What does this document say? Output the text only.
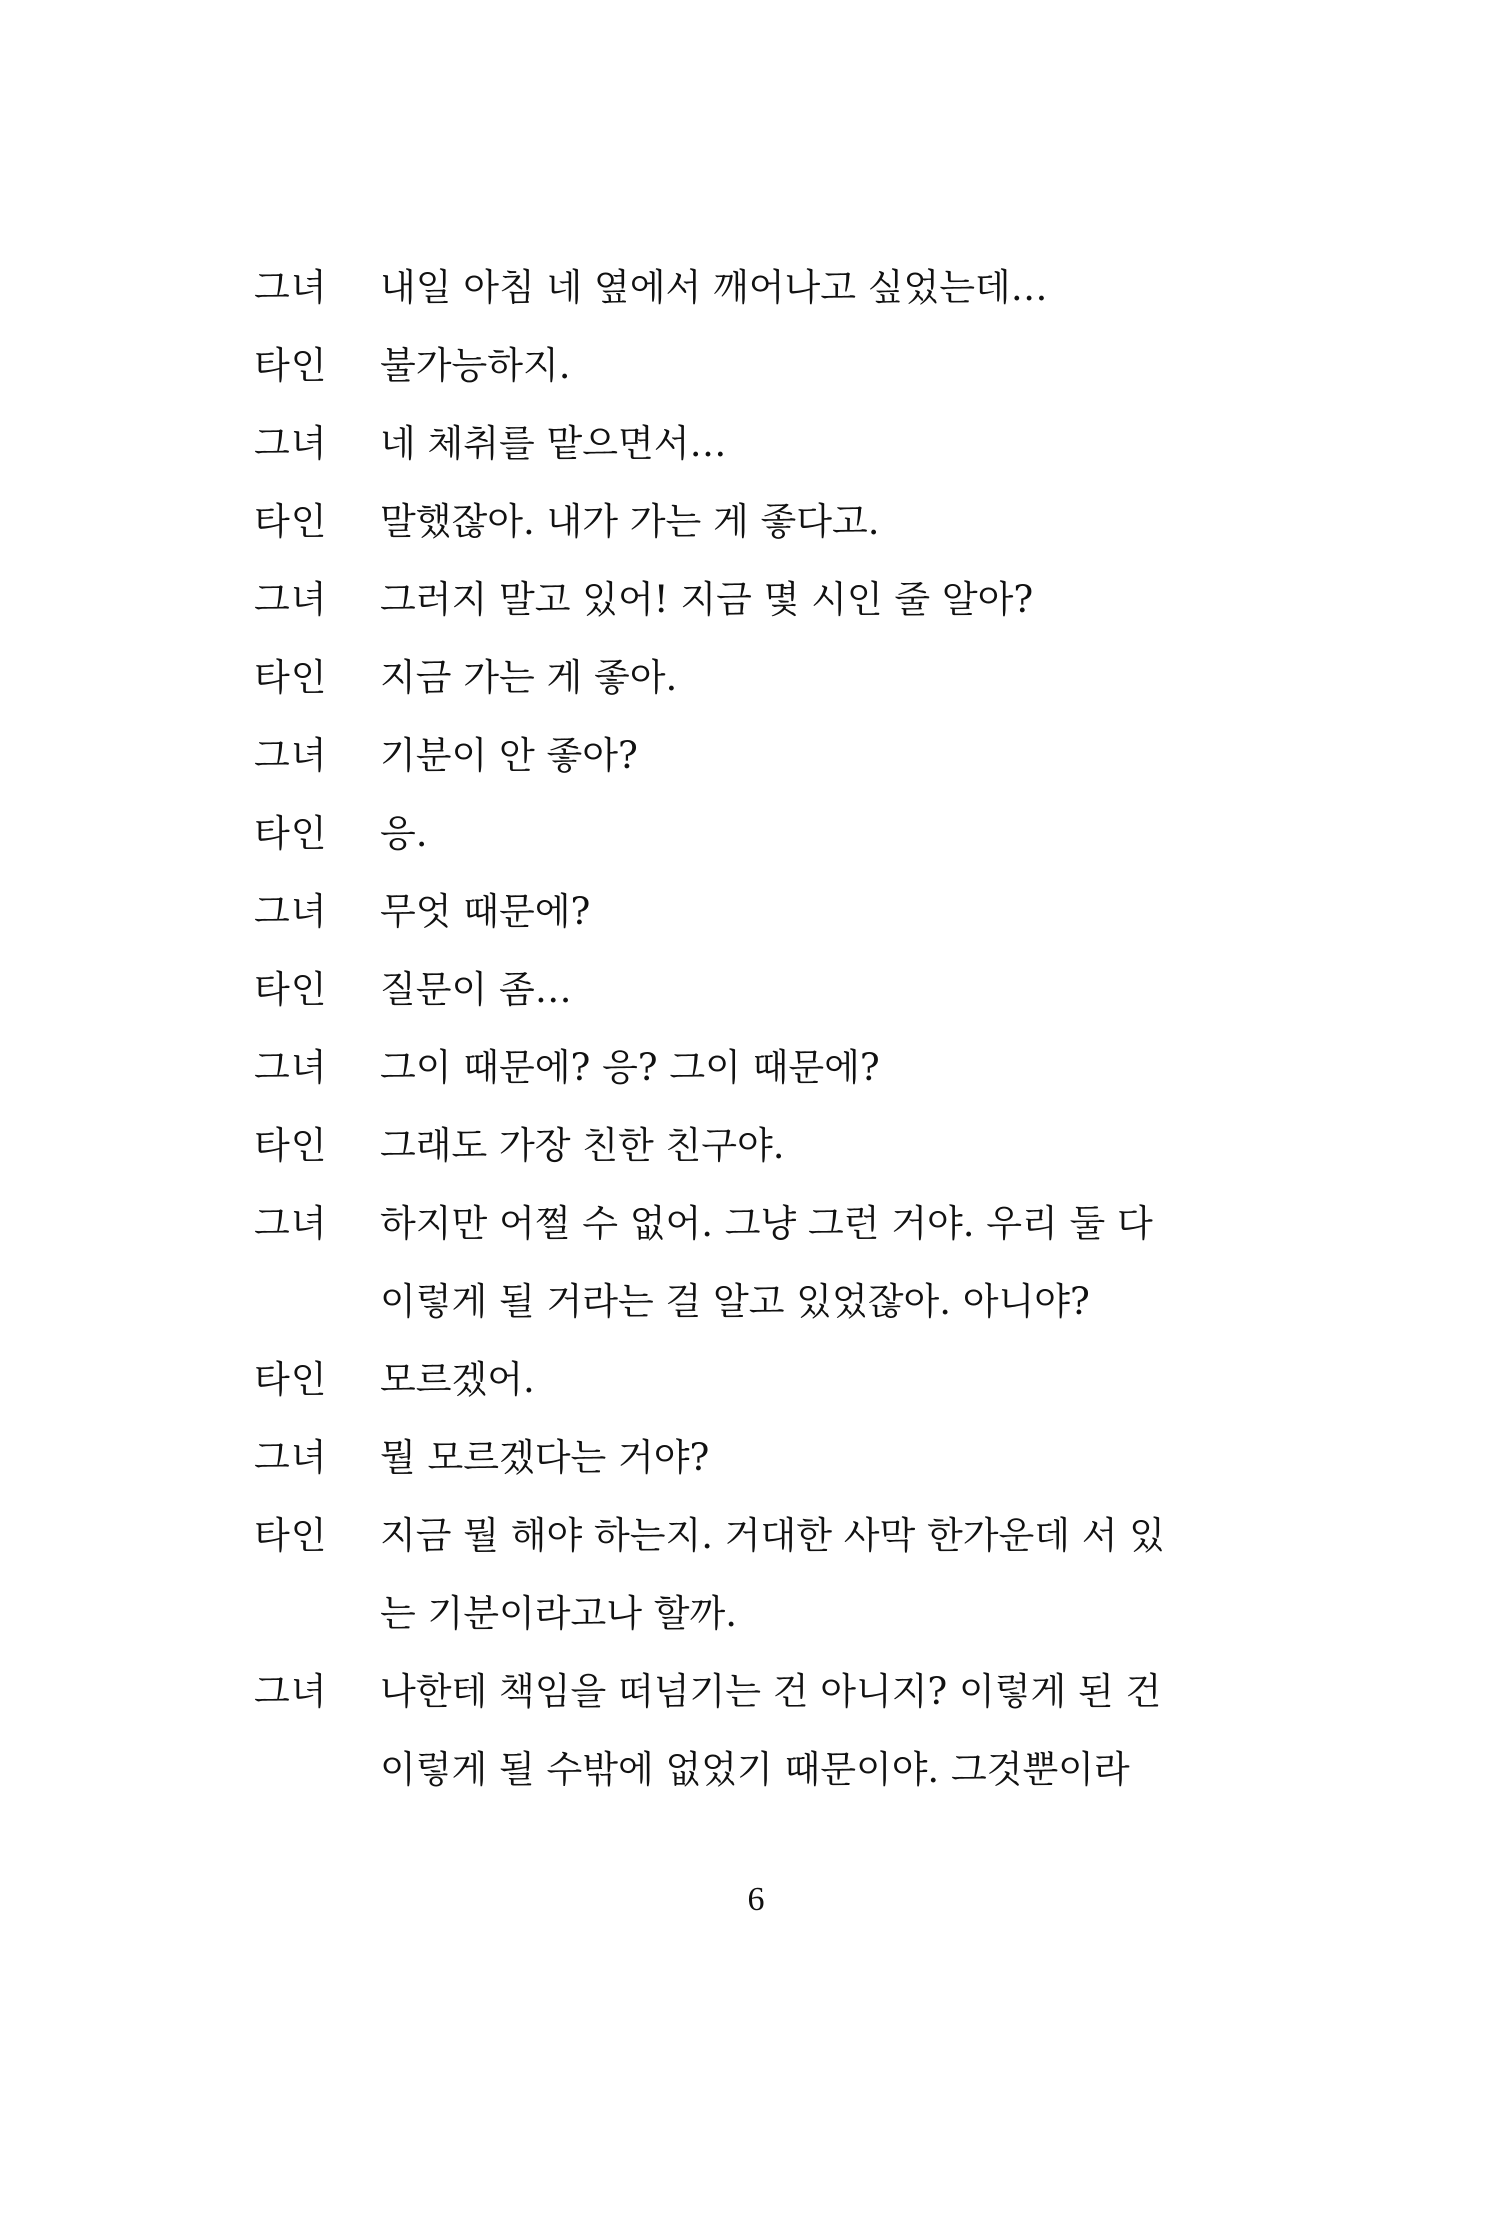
그녀	내일 아침 네 옆에서 깨어나고 싶었는데…
타인	불가능하지.
그녀	네 체취를 맡으면서…
타인	말했잖아. 내가 가는 게 좋다고.
그녀	그러지 말고 있어! 지금 몇 시인 줄 알아?
타인	지금 가는 게 좋아.
그녀	기분이 안 좋아?
타인	응.
그녀	무엇 때문에?
타인	질문이 좀…
그녀	그이 때문에? 응? 그이 때문에?
타인	그래도 가장 친한 친구야.
그녀	하지만 어쩔 수 없어. 그냥 그런 거야. 우리 둘 다
이렇게 될 거라는 걸 알고 있었잖아. 아니야?
타인	모르겠어.
그녀	뭘 모르겠다는 거야?
타인	지금 뭘 해야 하는지. 거대한 사막 한가운데 서 있
는 기분이라고나 할까.
그녀	나한테 책임을 떠넘기는 건 아니지? 이렇게 된 건
이렇게 될 수밖에 없었기 때문이야. 그것뿐이라
6
